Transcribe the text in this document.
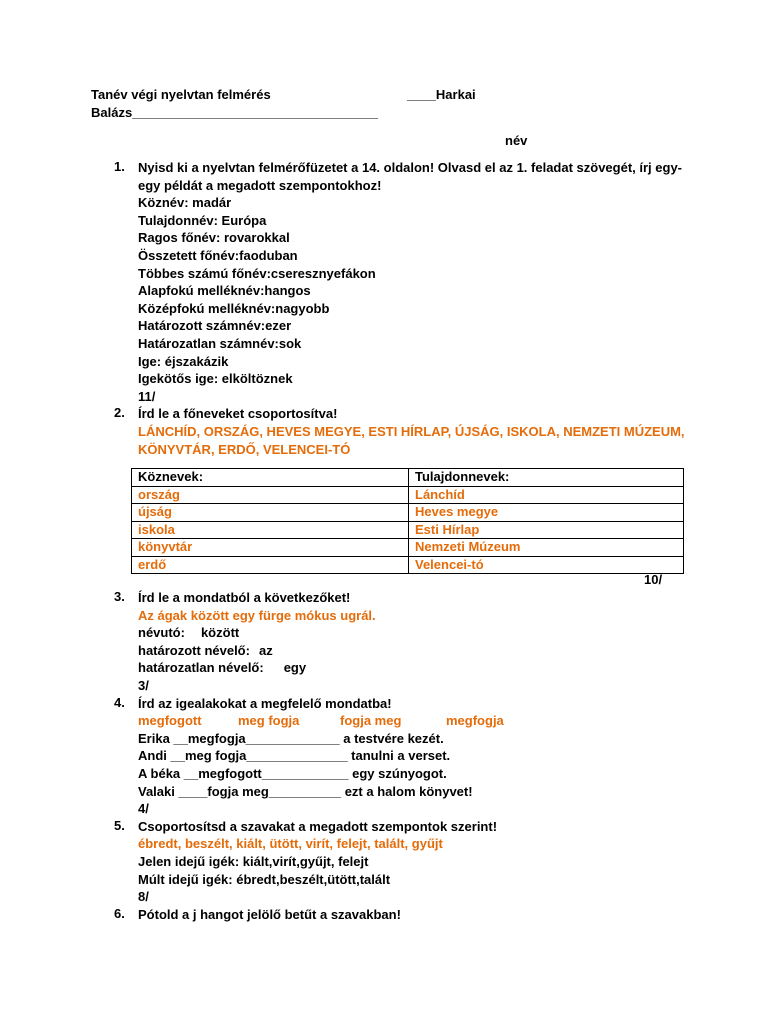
Tanév végi nyelvtan felmérés	____Harkai
Balázs__________________________________
név
1.	Nyisd ki a nyelvtan felmérőfüzetet a 14. oldalon! Olvasd el az 1. feladat szövegét, írj egy-
egy példát a megadott szempontokhoz!
Köznév: madár
Tulajdonnév: Európa
Ragos főnév: rovarokkal
Összetett főnév:faoduban
Többes számú főnév:cseresznyefákon
Alapfokú melléknév:hangos
Középfokú melléknév:nagyobb
Határozott számnév:ezer
Határozatlan számnév:sok
Ige: éjszakázik
Igekötős ige: elköltöznek
11/
2.	Írd le a főneveket csoportosítva!
LÁNCHÍD, ORSZÁG, HEVES MEGYE, ESTI HÍRLAP, ÚJSÁG, ISKOLA, NEMZETI MÚZEUM,
KÖNYVTÁR, ERDŐ, VELENCEI-TÓ
Köznevek:	Tulajdonnevek:
ország	Lánchíd
újság	Heves megye
iskola	Esti Hírlap
könyvtár	Nemzeti Múzeum
erdő	Velencei-tó
10/
3.	Írd le a mondatból a következőket!
Az ágak között egy fürge mókus ugrál.
névutó: között
határozott névelő: az
határozatlan névelő: egy
3/
4.	Írd az igealakokat a megfelelő mondatba!
megfogott	meg fogja	fogja meg	megfogja
Erika __megfogja_____________ a testvére kezét.
Andi __meg fogja______________ tanulni a verset.
A béka __megfogott____________ egy szúnyogot.
Valaki ____fogja meg__________ ezt a halom könyvet!
4/
5.	Csoportosítsd a szavakat a megadott szempontok szerint!
ébredt, beszélt, kiált, ütött, virít, felejt, talált, gyűjt
Jelen idejű igék: kiált,virít,gyűjt, felejt
Múlt idejű igék: ébredt,beszélt,ütött,talált
8/
6.	Pótold a j hangot jelölő betűt a szavakban!
